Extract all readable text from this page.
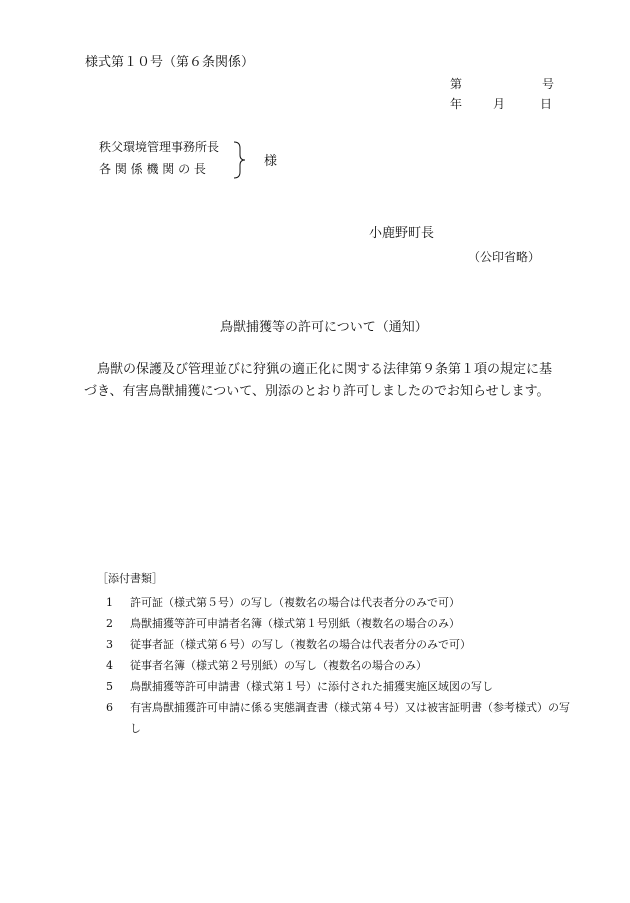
様式第１０号（第６条関係）
第	号
年	月	日
秩父環境管理事務所長
各 関 係 機 関 の 長	様
小鹿野町長
（公印省略）
鳥獣捕獲等の許可について（通知）

　鳥獣の保護及び管理並びに狩猟の適正化に関する法律第９条第１項の規定に基

づき、有害鳥獣捕獲について、別添のとおり許可しましたのでお知らせします。

［添付書類］
1	許可証（様式第５号）の写し（複数名の場合は代表者分のみで可）
2	鳥獣捕獲等許可申請者名簿（様式第１号別紙（複数名の場合のみ）
3	従事者証（様式第６号）の写し（複数名の場合は代表者分のみで可）
4	従事者名簿（様式第２号別紙）の写し（複数名の場合のみ）
5	鳥獣捕獲等許可申請書（様式第１号）に添付された捕獲実施区域図の写し
6	有害鳥獣捕獲許可申請に係る実態調査書（様式第４号）又は被害証明書（参考様式）の写し
